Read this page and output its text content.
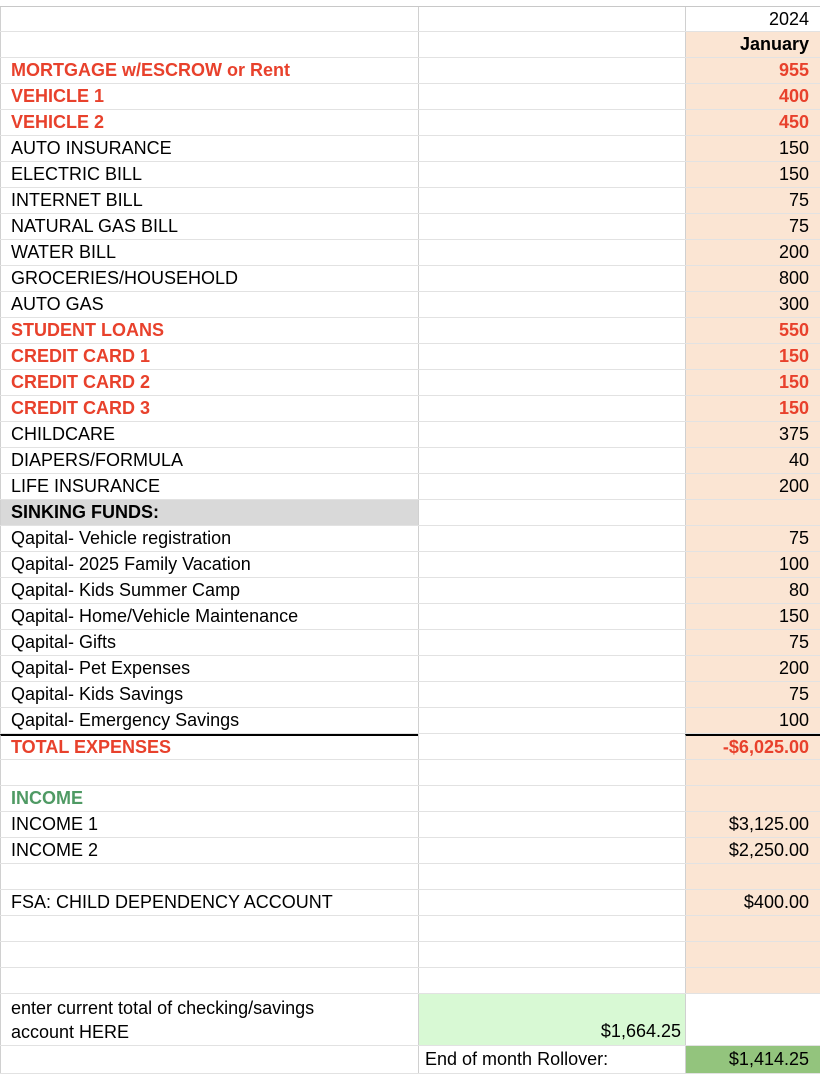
2024
January
MORTGAGE w/ESCROW or Rent	955
VEHICLE 1	400
VEHICLE 2	450
AUTO INSURANCE	150
ELECTRIC BILL	150
INTERNET BILL	75
NATURAL GAS BILL	75
WATER BILL	200
GROCERIES/HOUSEHOLD	800
AUTO GAS	300
STUDENT LOANS	550
CREDIT CARD 1	150
CREDIT CARD 2	150
CREDIT CARD 3	150
CHILDCARE	375
DIAPERS/FORMULA	40
LIFE INSURANCE	200
SINKING FUNDS:
Qapital- Vehicle registration	75
Qapital- 2025 Family Vacation	100
Qapital- Kids Summer Camp	80
Qapital- Home/Vehicle Maintenance	150
Qapital- Gifts	75
Qapital- Pet Expenses	200
Qapital- Kids Savings	75
Qapital- Emergency Savings	100
TOTAL EXPENSES	-$6,025.00
INCOME
INCOME 1	$3,125.00
INCOME 2	$2,250.00
FSA: CHILD DEPENDENCY ACCOUNT	$400.00
enter current total of checking/savings account HERE	$1,664.25
End of month Rollover:	$1,414.25
